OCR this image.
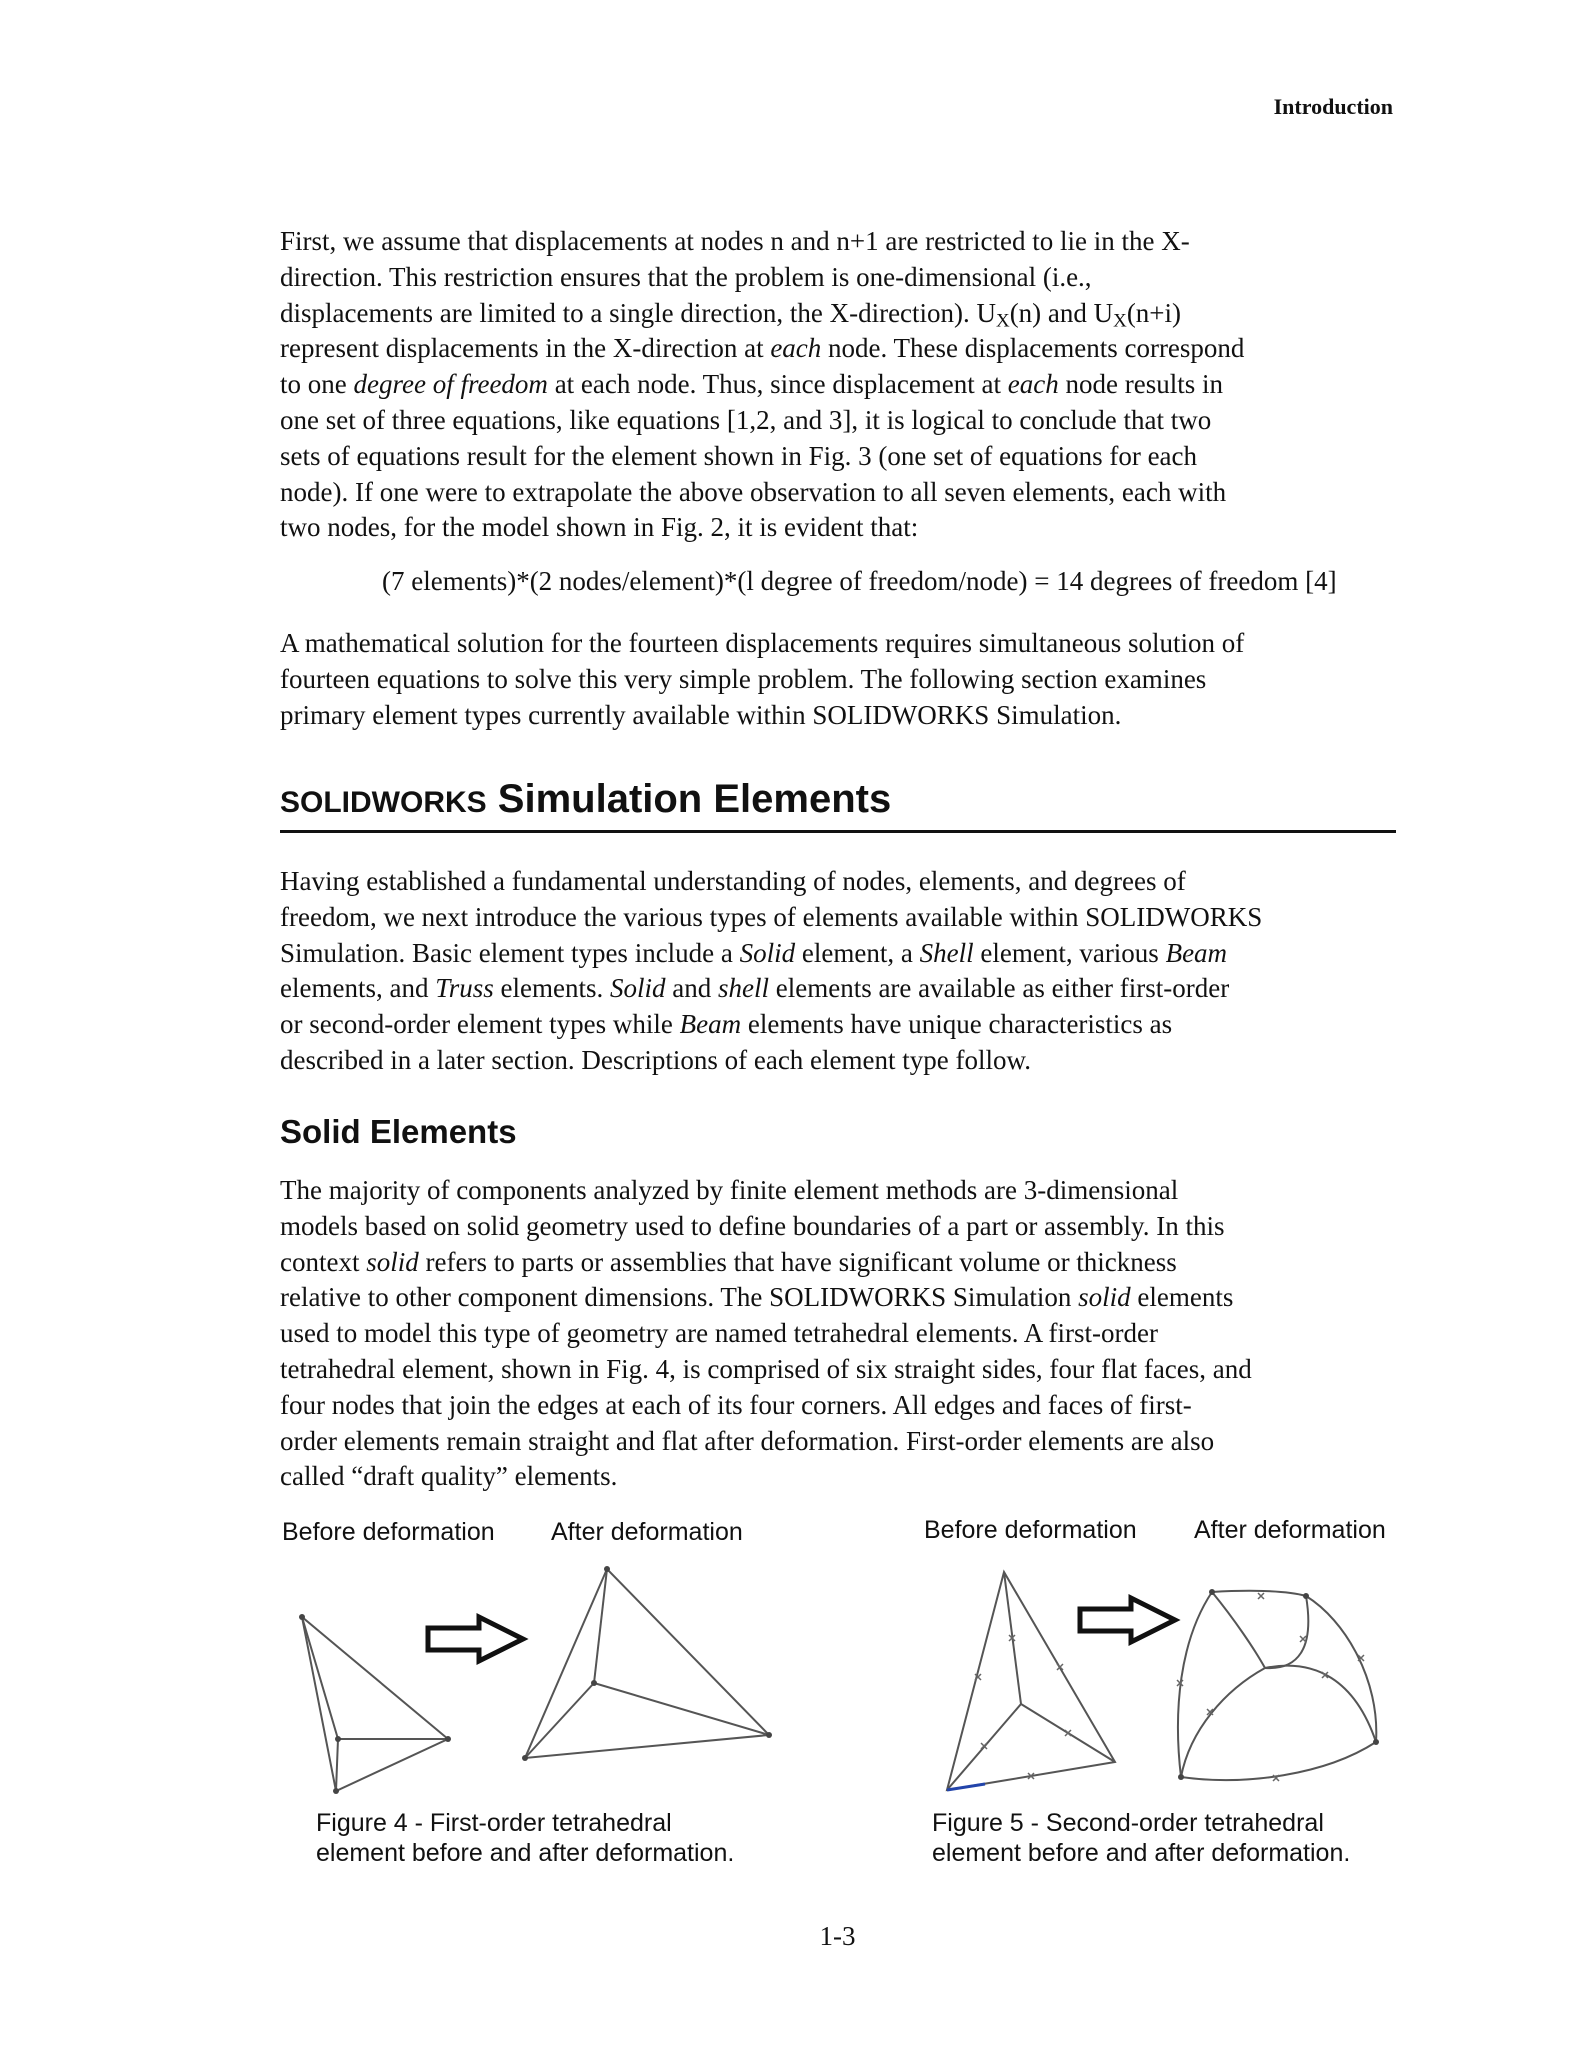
Introduction
First, we assume that displacements at nodes n and n+1 are restricted to lie in the X-
direction. This restriction ensures that the problem is one-dimensional (i.e.,
displacements are limited to a single direction, the X-direction). $U_X(n)$ and $U_X(n+i)$
represent displacements in the X-direction at each node. These displacements correspond
to one degree of freedom at each node. Thus, since displacement at each node results in
one set of three equations, like equations [1,2, and 3], it is logical to conclude that two
sets of equations result for the element shown in Fig. 3 (one set of equations for each
node). If one were to extrapolate the above observation to all seven elements, each with
two nodes, for the model shown in Fig. 2, it is evident that:
(7 elements)*(2 nodes/element)*(l degree of freedom/node) = 14 degrees of freedom [4]
A mathematical solution for the fourteen displacements requires simultaneous solution of
fourteen equations to solve this very simple problem. The following section examines
primary element types currently available within SOLIDWORKS Simulation.
SOLIDWORKS Simulation Elements
Having established a fundamental understanding of nodes, elements, and degrees of
freedom, we next introduce the various types of elements available within SOLIDWORKS
Simulation. Basic element types include a Solid element, a Shell element, various Beam
elements, and Truss elements. Solid and shell elements are available as either first-order
or second-order element types while Beam elements have unique characteristics as
described in a later section. Descriptions of each element type follow.
Solid Elements
The majority of components analyzed by finite element methods are 3-dimensional
models based on solid geometry used to define boundaries of a part or assembly. In this
context solid refers to parts or assemblies that have significant volume or thickness
relative to other component dimensions. The SOLIDWORKS Simulation solid elements
used to model this type of geometry are named tetrahedral elements. A first-order
tetrahedral element, shown in Fig. 4, is comprised of six straight sides, four flat faces, and
four nodes that join the edges at each of its four corners. All edges and faces of first-
order elements remain straight and flat after deformation. First-order elements are also
called “draft quality” elements.
Before deformation After deformation	Before deformation After deformation
Figure 4 - First-order tetrahedral
element before and after deformation.
Figure 5 - Second-order tetrahedral
element before and after deformation.
1-3
